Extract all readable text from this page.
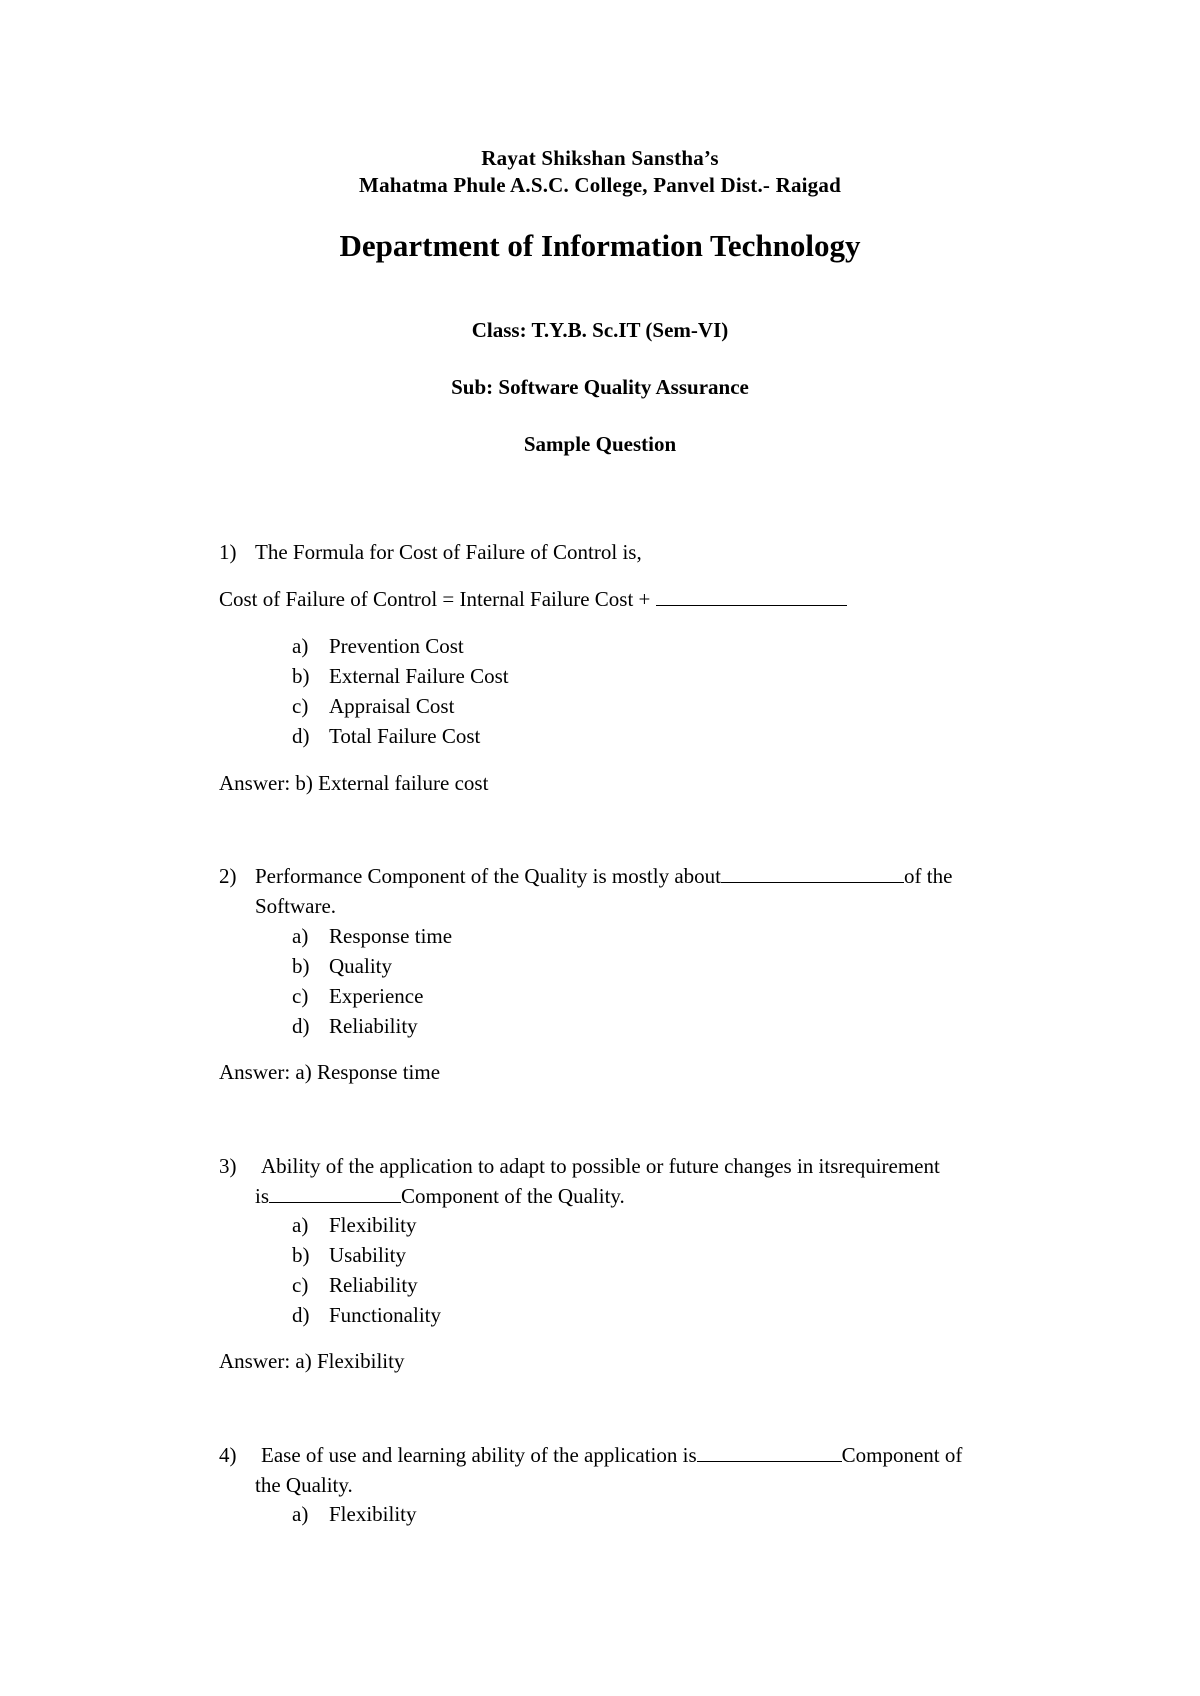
Rayat Shikshan Sanstha’s
Mahatma Phule A.S.C. College, Panvel Dist.- Raigad
Department of Information Technology
Class: T.Y.B. Sc.IT (Sem-VI)
Sub: Software Quality Assurance
Sample Question
1) The Formula for Cost of Failure of Control is,
Cost of Failure of Control = Internal Failure Cost +
a) Prevention Cost
b) External Failure Cost
c) Appraisal Cost
d) Total Failure Cost
Answer: b) External failure cost
2) Performance Component of the Quality is mostly about	of the
Software.
a) Response time
b) Quality
c) Experience
d) Reliability
Answer: a) Response time
3) Ability of the application to adapt to possible or future changes in itsrequirement
is	Component of the Quality.
a) Flexibility
b) Usability
c) Reliability
d) Functionality
Answer: a) Flexibility
4) Ease of use and learning ability of the application is	Component of
the Quality.
a) Flexibility
